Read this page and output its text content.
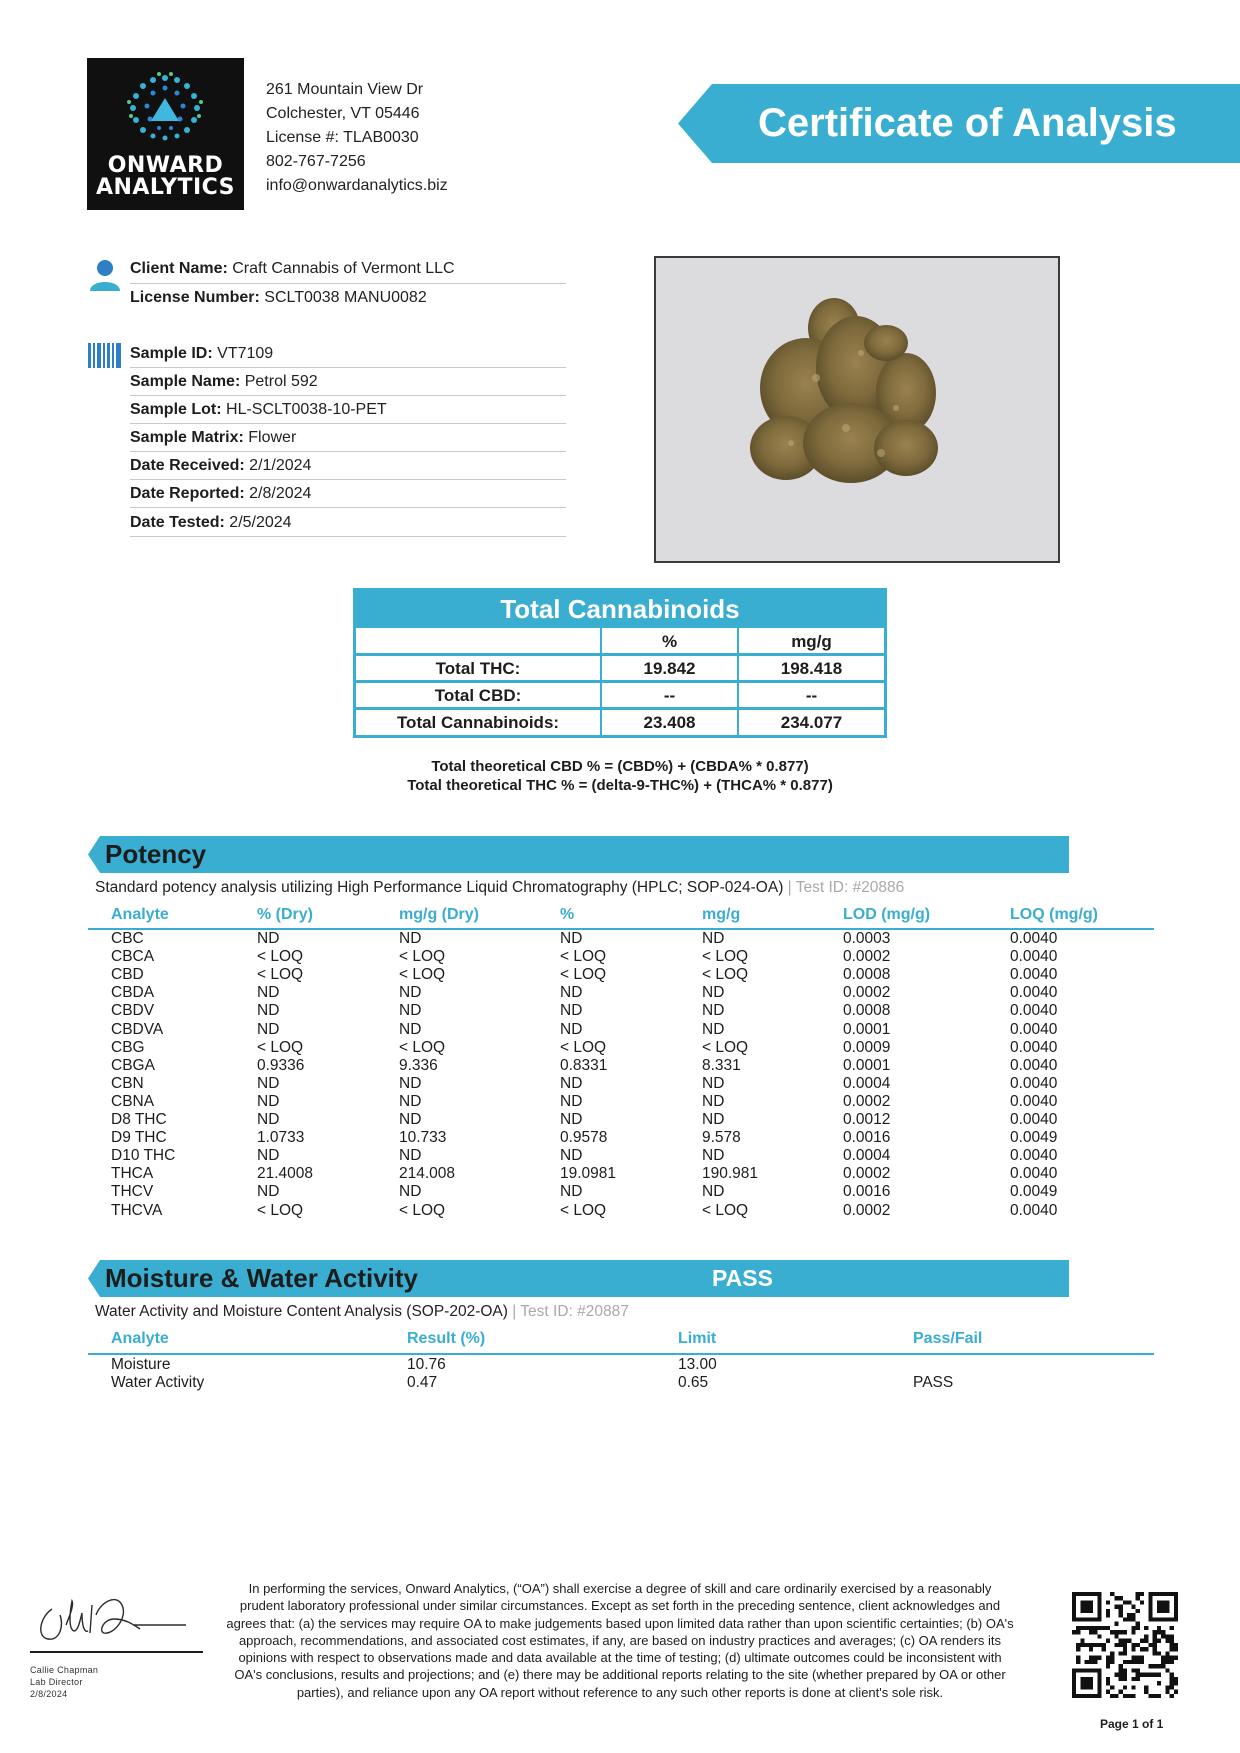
ONWARD
ANALYTICS
261 Mountain View Dr
Colchester, VT 05446
License #: TLAB0030
802-767-7256
info@onwardanalytics.biz
Certificate of Analysis
Client Name: Craft Cannabis of Vermont LLC
License Number: SCLT0038 MANU0082
Sample ID: VT7109
Sample Name: Petrol 592
Sample Lot: HL-SCLT0038-10-PET
Sample Matrix: Flower
Date Received: 2/1/2024
Date Reported: 2/8/2024
Date Tested: 2/5/2024
Total Cannabinoids
%	mg/g
Total THC:	19.842	198.418
Total CBD:	--	--
Total Cannabinoids:	23.408	234.077
Total theoretical CBD % = (CBD%) + (CBDA% * 0.877)
Total theoretical THC % = (delta-9-THC%) + (THCA% * 0.877)
Potency
Standard potency analysis utilizing High Performance Liquid Chromatography (HPLC; SOP-024-OA) | Test ID: #20886
Analyte	% (Dry)	mg/g (Dry)	%	mg/g	LOD (mg/g)	LOQ (mg/g)
CBC	ND	ND	ND	ND	0.0003	0.0040
CBCA	< LOQ	< LOQ	< LOQ	< LOQ	0.0002	0.0040
CBD	< LOQ	< LOQ	< LOQ	< LOQ	0.0008	0.0040
CBDA	ND	ND	ND	ND	0.0002	0.0040
CBDV	ND	ND	ND	ND	0.0008	0.0040
CBDVA	ND	ND	ND	ND	0.0001	0.0040
CBG	< LOQ	< LOQ	< LOQ	< LOQ	0.0009	0.0040
CBGA	0.9336	9.336	0.8331	8.331	0.0001	0.0040
CBN	ND	ND	ND	ND	0.0004	0.0040
CBNA	ND	ND	ND	ND	0.0002	0.0040
D8 THC	ND	ND	ND	ND	0.0012	0.0040
D9 THC	1.0733	10.733	0.9578	9.578	0.0016	0.0049
D10 THC	ND	ND	ND	ND	0.0004	0.0040
THCA	21.4008	214.008	19.0981	190.981	0.0002	0.0040
THCV	ND	ND	ND	ND	0.0016	0.0049
THCVA	< LOQ	< LOQ	< LOQ	< LOQ	0.0002	0.0040
Moisture & Water Activity	PASS
Water Activity and Moisture Content Analysis (SOP-202-OA) | Test ID: #20887
Analyte	Result (%)	Limit	Pass/Fail
Moisture	10.76	13.00
Water Activity	0.47	0.65	PASS
Callie Chapman
Lab Director
2/8/2024
In performing the services, Onward Analytics, (“OA”) shall exercise a degree of skill and care ordinarily exercised by a reasonably prudent laboratory professional under similar circumstances. Except as set forth in the preceding sentence, client acknowledges and agrees that: (a) the services may require OA to make judgements based upon limited data rather than upon scientific certainties; (b) OA's approach, recommendations, and associated cost estimates, if any, are based on industry practices and averages; (c) OA renders its opinions with respect to observations made and data available at the time of testing; (d) ultimate outcomes could be inconsistent with OA's conclusions, results and projections; and (e) there may be additional reports relating to the site (whether prepared by OA or other parties), and reliance upon any OA report without reference to any such other reports is done at client's sole risk.
Page 1 of 1
